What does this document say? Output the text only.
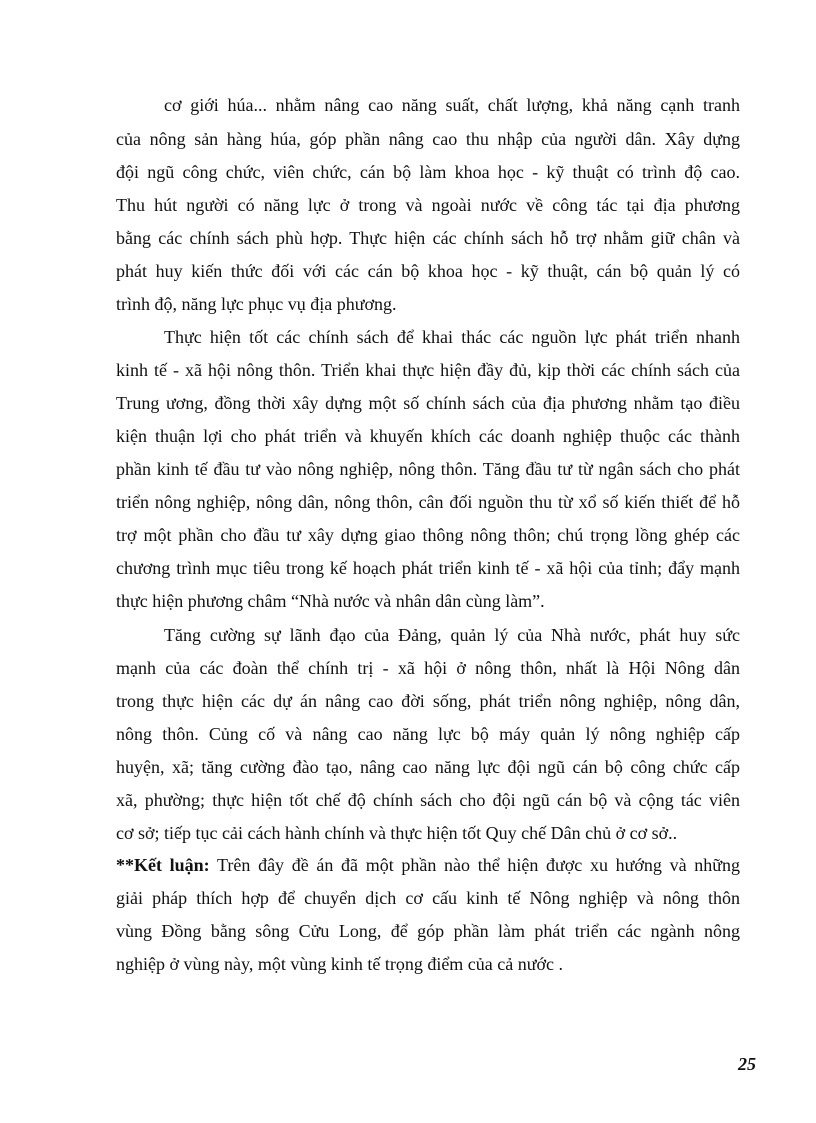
cơ giới húa... nhằm nâng cao năng suất, chất lượng, khả năng cạnh tranh
của nông sản hàng húa, góp phần nâng cao thu nhập của người dân. Xây dựng
đội ngũ công chức, viên chức, cán bộ làm khoa học - kỹ thuật có trình độ cao.
Thu hút người có năng lực ở trong và ngoài nước về công tác tại địa phương
bằng các chính sách phù hợp. Thực hiện các chính sách hỗ trợ nhằm giữ chân và
phát huy kiến thức đối với các cán bộ khoa học - kỹ thuật, cán bộ quản lý có
trình độ, năng lực phục vụ địa phương.
Thực hiện tốt các chính sách để khai thác các nguồn lực phát triển nhanh
kinh tế - xã hội nông thôn. Triển khai thực hiện đầy đủ, kịp thời các chính sách của
Trung ương, đồng thời xây dựng một số chính sách của địa phương nhằm tạo điều
kiện thuận lợi cho phát triển và khuyến khích các doanh nghiệp thuộc các thành
phần kinh tế đầu tư vào nông nghiệp, nông thôn. Tăng đầu tư từ ngân sách cho phát
triển nông nghiệp, nông dân, nông thôn, cân đối nguồn thu từ xổ số kiến thiết để hỗ
trợ một phần cho đầu tư xây dựng giao thông nông thôn; chú trọng lồng ghép các
chương trình mục tiêu trong kế hoạch phát triển kinh tế - xã hội của tỉnh; đẩy mạnh
thực hiện phương châm “Nhà nước và nhân dân cùng làm”.
Tăng cường sự lãnh đạo của Đảng, quản lý của Nhà nước, phát huy sức
mạnh của các đoàn thể chính trị - xã hội ở nông thôn, nhất là Hội Nông dân
trong thực hiện các dự án nâng cao đời sống, phát triển nông nghiệp, nông dân,
nông thôn. Củng cố và nâng cao năng lực bộ máy quản lý nông nghiệp cấp
huyện, xã; tăng cường đào tạo, nâng cao năng lực đội ngũ cán bộ công chức cấp
xã, phường; thực hiện tốt chế độ chính sách cho đội ngũ cán bộ và cộng tác viên
cơ sở; tiếp tục cải cách hành chính và thực hiện tốt Quy chế Dân chủ ở cơ sở..
**Kết luận: Trên đây đề án đã một phần nào thể hiện được xu hướng và những
giải pháp thích hợp để chuyển dịch cơ cấu kinh tế Nông nghiệp và nông thôn
vùng Đồng bằng sông Cửu Long, để góp phần làm phát triển các ngành nông
nghiệp ở vùng này, một vùng kinh tế trọng điểm của cả nước .
25
